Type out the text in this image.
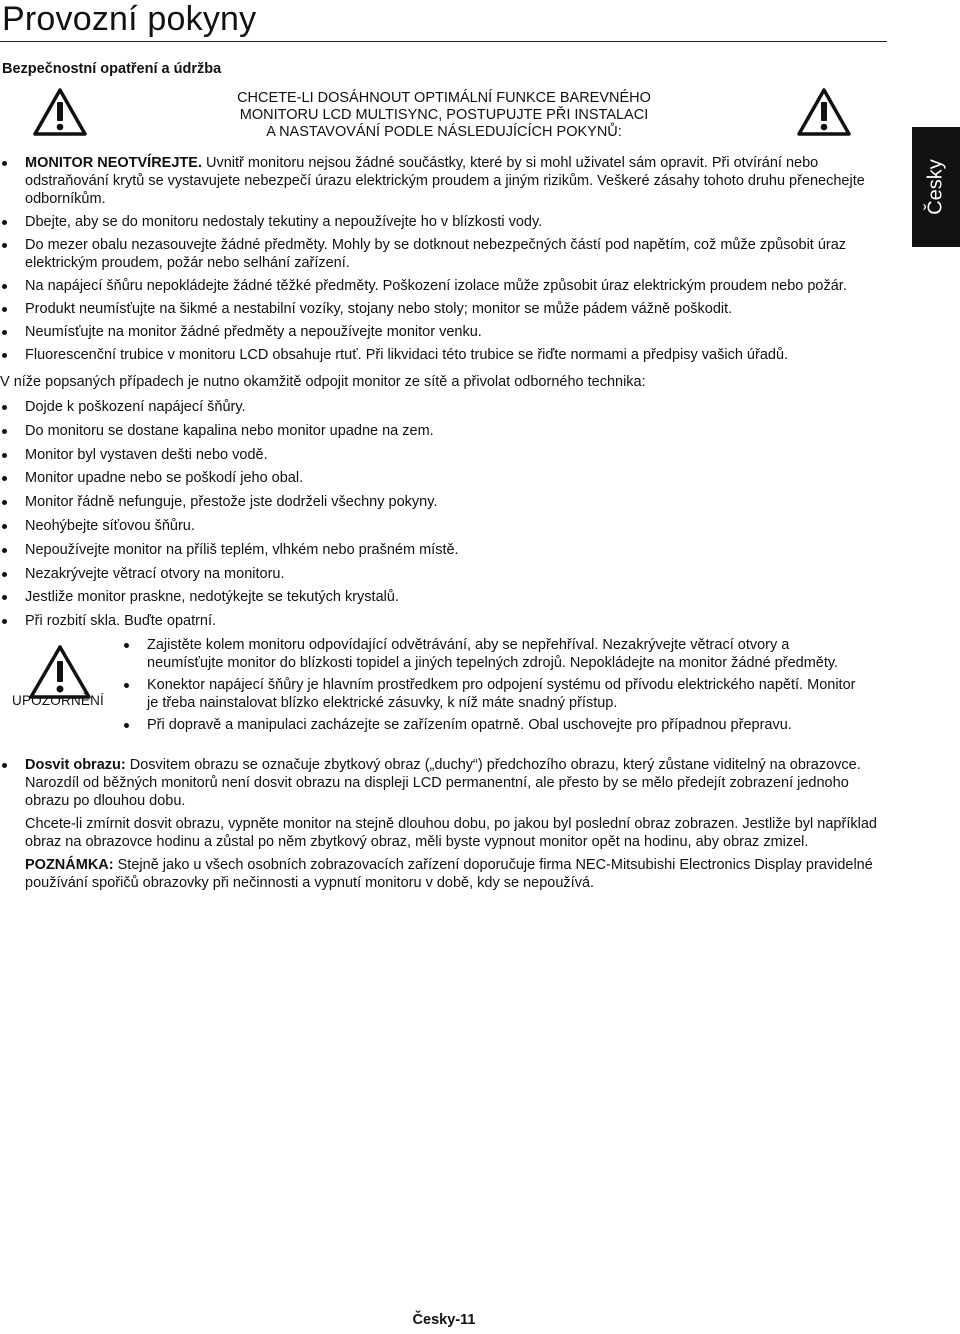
Provozní pokyny
Česky
Bezpečnostní opatření a údržba
CHCETE-LI DOSÁHNOUT OPTIMÁLNÍ FUNKCE BAREVNÉHO
MONITORU LCD MULTISYNC, POSTUPUJTE PŘI INSTALACI
A NASTAVOVÁNÍ PODLE NÁSLEDUJÍCÍCH POKYNŮ:
MONITOR NEOTVÍREJTE. Uvnitř monitoru nejsou žádné součástky, které by si mohl uživatel sám opravit. Při otvírání nebo odstraňování krytů se vystavujete nebezpečí úrazu elektrickým proudem a jiným rizikům. Veškeré zásahy tohoto druhu přenechejte odborníkům.
Dbejte, aby se do monitoru nedostaly tekutiny a nepoužívejte ho v blízkosti vody.
Do mezer obalu nezasouvejte žádné předměty. Mohly by se dotknout nebezpečných částí pod napětím, což může způsobit úraz elektrickým proudem, požár nebo selhání zařízení.
Na napájecí šňůru nepokládejte žádné těžké předměty. Poškození izolace může způsobit úraz elektrickým proudem nebo požár.
Produkt neumísťujte na šikmé a nestabilní vozíky, stojany nebo stoly; monitor se může pádem vážně poškodit.
Neumísťujte na monitor žádné předměty a nepoužívejte monitor venku.
Fluorescenční trubice v monitoru LCD obsahuje rtuť. Při likvidaci této trubice se řiďte normami a předpisy vašich úřadů.

V níže popsaných případech je nutno okamžitě odpojit monitor ze sítě a přivolat odborného technika:

Dojde k poškození napájecí šňůry.
Do monitoru se dostane kapalina nebo monitor upadne na zem.
Monitor byl vystaven dešti nebo vodě.
Monitor upadne nebo se poškodí jeho obal.
Monitor řádně nefunguje, přestože jste dodrželi všechny pokyny.
Neohýbejte síťovou šňůru.
Nepoužívejte monitor na příliš teplém, vlhkém nebo prašném místě.
Nezakrývejte větrací otvory na monitoru.
Jestliže monitor praskne, nedotýkejte se tekutých krystalů.
Při rozbití skla. Buďte opatrní.
UPOZORNĚNÍ
Zajistěte kolem monitoru odpovídající odvětrávání, aby se nepřehříval. Nezakrývejte větrací otvory a neumísťujte monitor do blízkosti topidel a jiných tepelných zdrojů. Nepokládejte na monitor žádné předměty.
Konektor napájecí šňůry je hlavním prostředkem pro odpojení systému od přívodu elektrického napětí. Monitor je třeba nainstalovat blízko elektrické zásuvky, k níž máte snadný přístup.
Při dopravě a manipulaci zacházejte se zařízením opatrně. Obal uschovejte pro případnou přepravu.
Dosvit obrazu: Dosvitem obrazu se označuje zbytkový obraz („duchy“) předchozího obrazu, který zůstane viditelný na obrazovce. Narozdíl od běžných monitorů není dosvit obrazu na displeji LCD permanentní, ale přesto by se mělo předejít zobrazení jednoho obrazu po dlouhou dobu.

Chcete-li zmírnit dosvit obrazu, vypněte monitor na stejně dlouhou dobu, po jakou byl poslední obraz zobrazen. Jestliže byl například obraz na obrazovce hodinu a zůstal po něm zbytkový obraz, měli byste vypnout monitor opět na hodinu, aby obraz zmizel.

POZNÁMKA: Stejně jako u všech osobních zobrazovacích zařízení doporučuje firma NEC-Mitsubishi Electronics Display pravidelné používání spořičů obrazovky při nečinnosti a vypnutí monitoru v době, kdy se nepoužívá.

Česky-11
